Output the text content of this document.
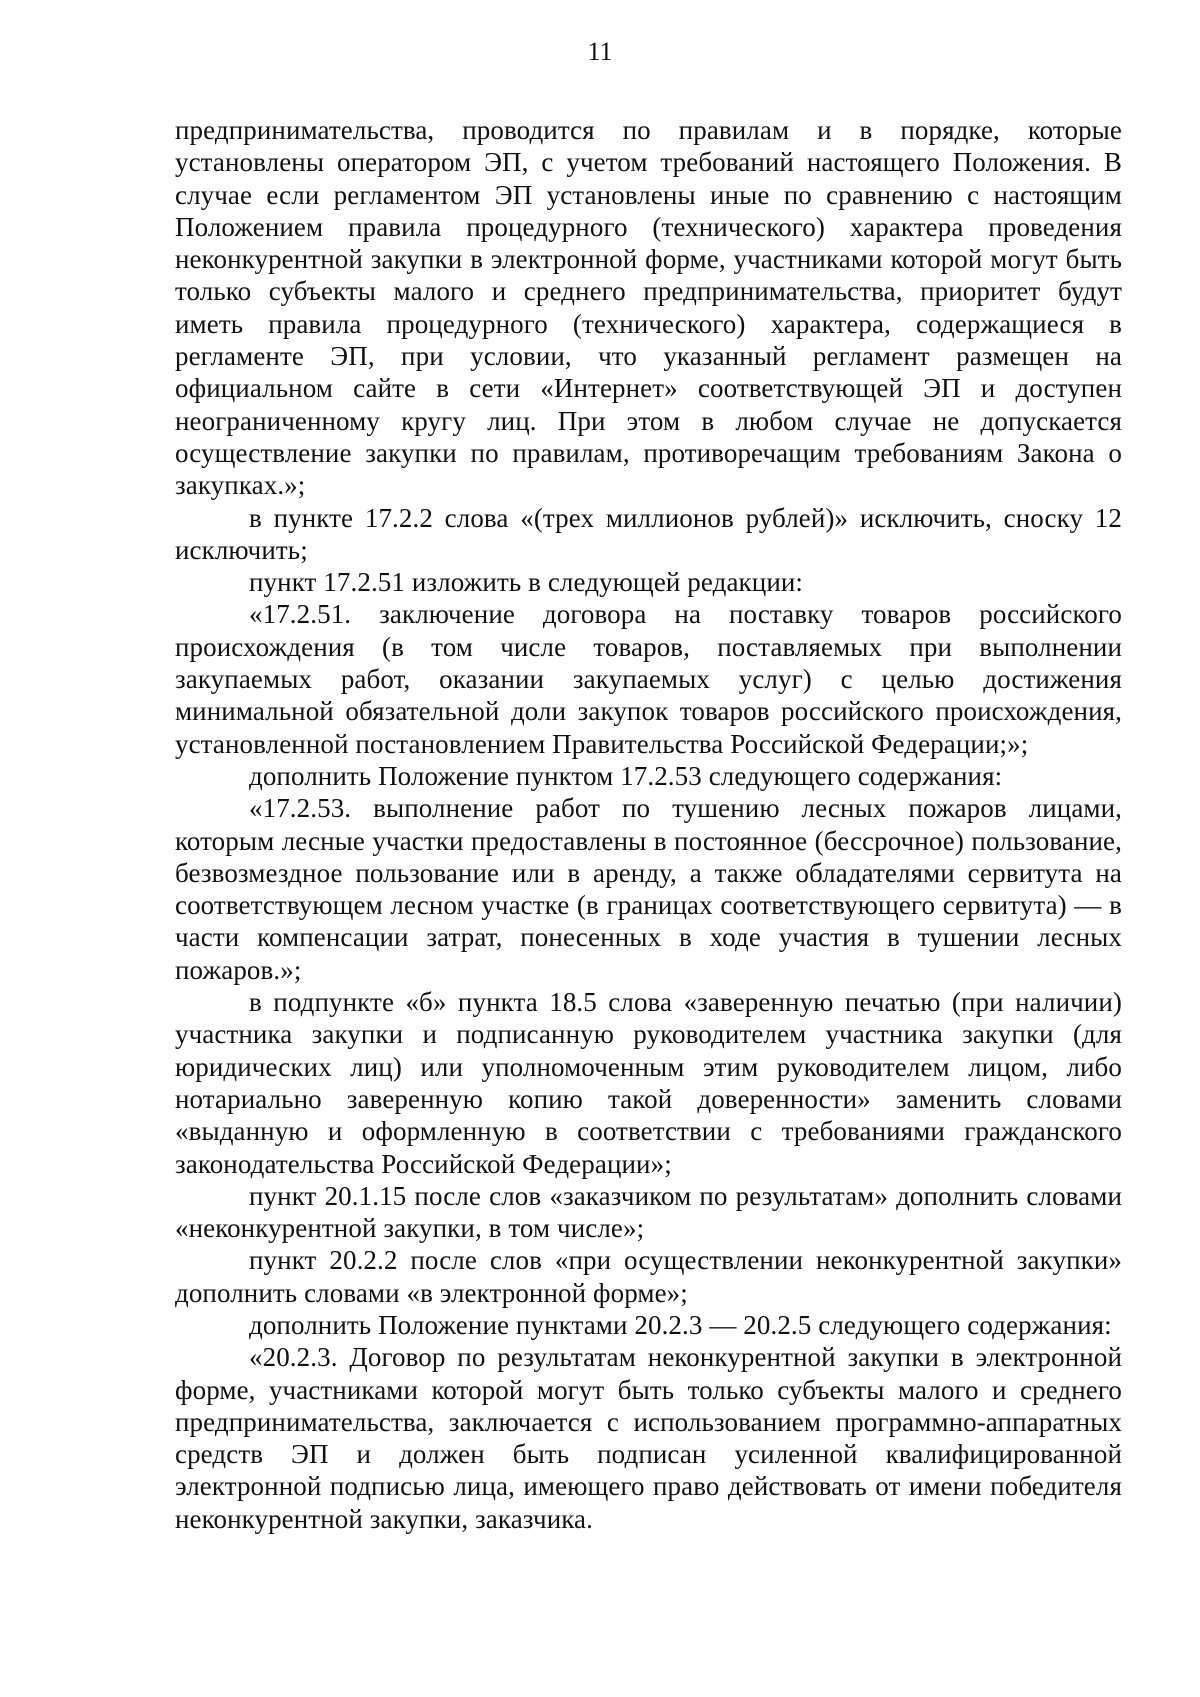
11

предпринимательства, проводится по правилам и в порядке, которые установлены оператором ЭП, с учетом требований настоящего Положения. В случае если регламентом ЭП установлены иные по сравнению с настоящим Положением правила процедурного (технического) характера проведения неконкурентной закупки в электронной форме, участниками которой могут быть только субъекты малого и среднего предпринимательства, приоритет будут иметь правила процедурного (технического) характера, содержащиеся в регламенте ЭП, при условии, что указанный регламент размещен на официальном сайте в сети «Интернет» соответствующей ЭП и доступен неограниченному кругу лиц. При этом в любом случае не допускается осуществление закупки по правилам, противоречащим требованиям Закона о закупках.»;

в пункте 17.2.2 слова «(трех миллионов рублей)» исключить, сноску 12 исключить;

пункт 17.2.51 изложить в следующей редакции:

«17.2.51. заключение договора на поставку товаров российского происхождения (в том числе товаров, поставляемых при выполнении закупаемых работ, оказании закупаемых услуг) с целью достижения минимальной обязательной доли закупок товаров российского происхождения, установленной постановлением Правительства Российской Федерации;»;

дополнить Положение пунктом 17.2.53 следующего содержания:

«17.2.53. выполнение работ по тушению лесных пожаров лицами, которым лесные участки предоставлены в постоянное (бессрочное) пользование, безвозмездное пользование или в аренду, а также обладателями сервитута на соответствующем лесном участке (в границах соответствующего сервитута) — в части компенсации затрат, понесенных в ходе участия в тушении лесных пожаров.»;

в подпункте «б» пункта 18.5 слова «заверенную печатью (при наличии) участника закупки и подписанную руководителем участника закупки (для юридических лиц) или уполномоченным этим руководителем лицом, либо нотариально заверенную копию такой доверенности» заменить словами «выданную и оформленную в соответствии с требованиями гражданского законодательства Российской Федерации»;

пункт 20.1.15 после слов «заказчиком по результатам» дополнить словами «неконкурентной закупки, в том числе»;

пункт 20.2.2 после слов «при осуществлении неконкурентной закупки» дополнить словами «в электронной форме»;

дополнить Положение пунктами 20.2.3 — 20.2.5 следующего содержания:

«20.2.3. Договор по результатам неконкурентной закупки в электронной форме, участниками которой могут быть только субъекты малого и среднего предпринимательства, заключается с использованием программно-аппаратных средств ЭП и должен быть подписан усиленной квалифицированной электронной подписью лица, имеющего право действовать от имени победителя неконкурентной закупки, заказчика.
